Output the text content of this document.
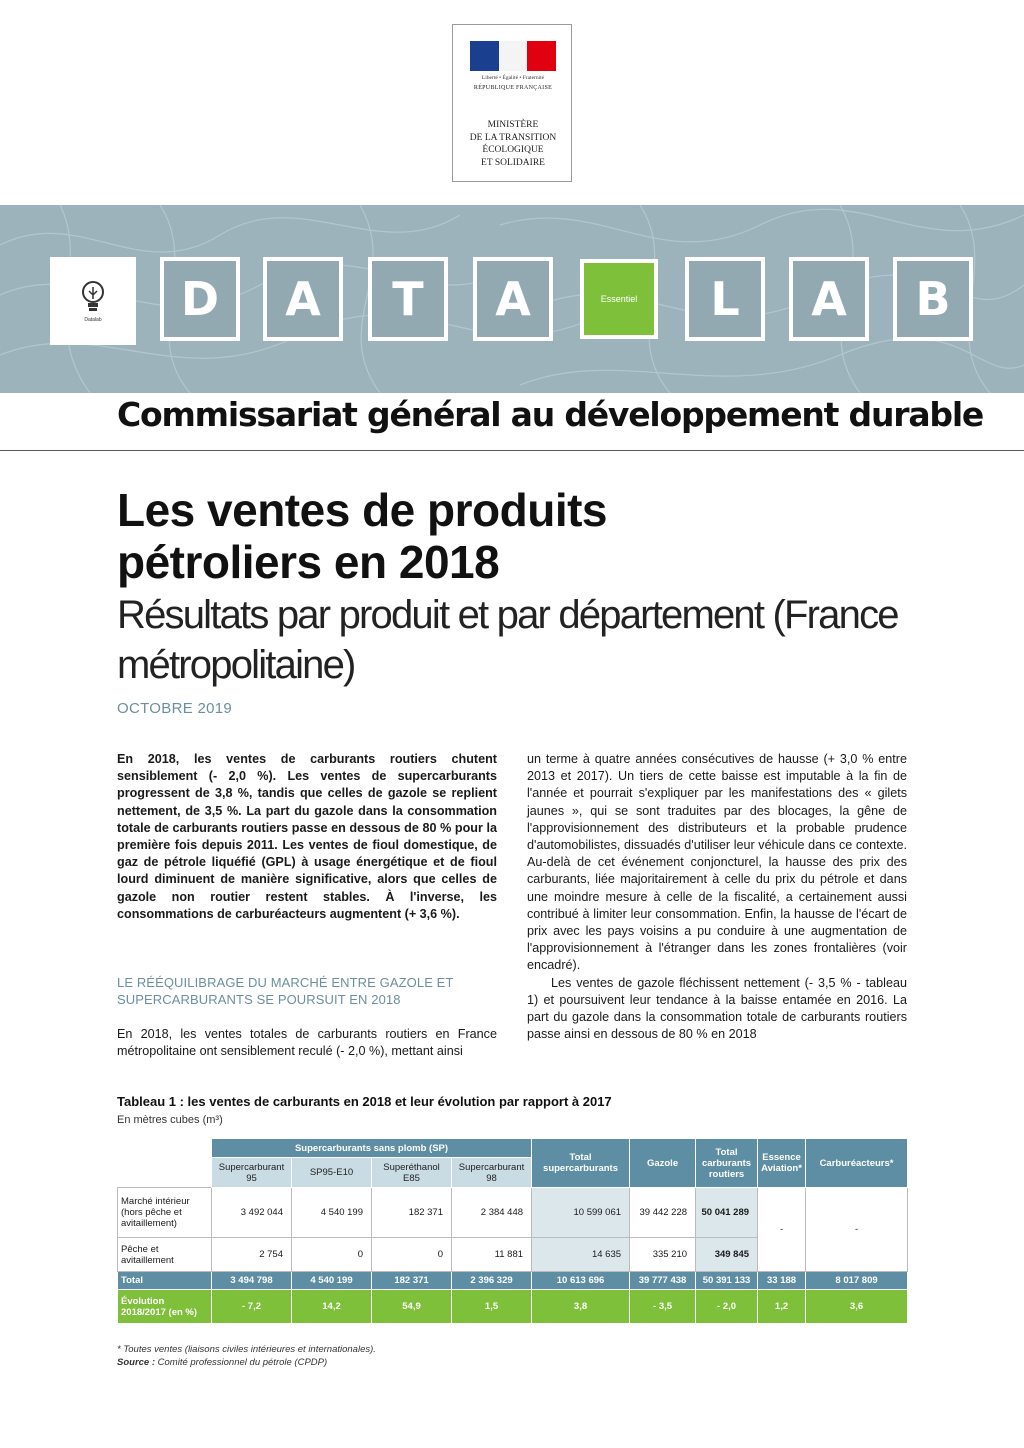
Liberté • Égalité • Fraternité
RÉPUBLIQUE FRANÇAISE
MINISTÈRE
DE LA TRANSITION
ÉCOLOGIQUE
ET SOLIDAIRE
Datalab	D	A	T	A	Essentiel	L	A	B
Commissariat général au développement durable
Les ventes de produits
pétroliers en 2018
Résultats par produit et par département (France métropolitaine)
OCTOBRE 2019
En 2018, les ventes de carburants routiers chutent sensiblement (- 2,0 %). Les ventes de supercarburants progressent de 3,8 %, tandis que celles de gazole se replient nettement, de 3,5 %. La part du gazole dans la consommation totale de carburants routiers passe en dessous de 80 % pour la première fois depuis 2011. Les ventes de fioul domestique, de gaz de pétrole liquéfié (GPL) à usage énergétique et de fioul lourd diminuent de manière significative, alors que celles de gazole non routier restent stables. À l'inverse, les consommations de carburéacteurs augmentent (+ 3,6 %).
LE RÉÉQUILIBRAGE DU MARCHÉ ENTRE GAZOLE ET SUPERCARBURANTS SE POURSUIT EN 2018
En 2018, les ventes totales de carburants routiers en France métropolitaine ont sensiblement reculé (- 2,0 %), mettant ainsi
un terme à quatre années consécutives de hausse (+ 3,0 % entre 2013 et 2017). Un tiers de cette baisse est imputable à la fin de l'année et pourrait s'expliquer par les manifestations des « gilets jaunes », qui se sont traduites par des blocages, la gêne de l'approvisionnement des distributeurs et la probable prudence d'automobilistes, dissuadés d'utiliser leur véhicule dans ce contexte. Au-delà de cet événement conjoncturel, la hausse des prix des carburants, liée majoritairement à celle du prix du pétrole et dans une moindre mesure à celle de la fiscalité, a certainement aussi contribué à limiter leur consommation. Enfin, la hausse de l'écart de prix avec les pays voisins a pu conduire à une augmentation de l'approvisionnement à l'étranger dans les zones frontalières (voir encadré).
Les ventes de gazole fléchissent nettement (- 3,5 % - tableau 1) et poursuivent leur tendance à la baisse entamée en 2016. La part du gazole dans la consommation totale de carburants routiers passe ainsi en dessous de 80 % en 2018
Tableau 1 : les ventes de carburants en 2018 et leur évolution par rapport à 2017
En mètres cubes (m³)
	Supercarburants sans plomb (SP)				Total supercarburants	Gazole	Total carburants routiers	Essence Aviation*	Carburéacteurs*
	Supercarburant 95	SP95-E10	Superéthanol E85	Supercarburant 98					
Marché intérieur (hors pêche et avitaillement)	3 492 044	4 540 199	182 371	2 384 448	10 599 061	39 442 228	50 041 289	-	-
Pêche et avitaillement	2 754	0	0	11 881	14 635	335 210	349 845		
Total	3 494 798	4 540 199	182 371	2 396 329	10 613 696	39 777 438	50 391 133	33 188	8 017 809
Évolution 2018/2017 (en %)	- 7,2	14,2	54,9	1,5	3,8	- 3,5	- 2,0	1,2	3,6
* Toutes ventes (liaisons civiles intérieures et internationales).
Source : Comité professionnel du pétrole (CPDP)
